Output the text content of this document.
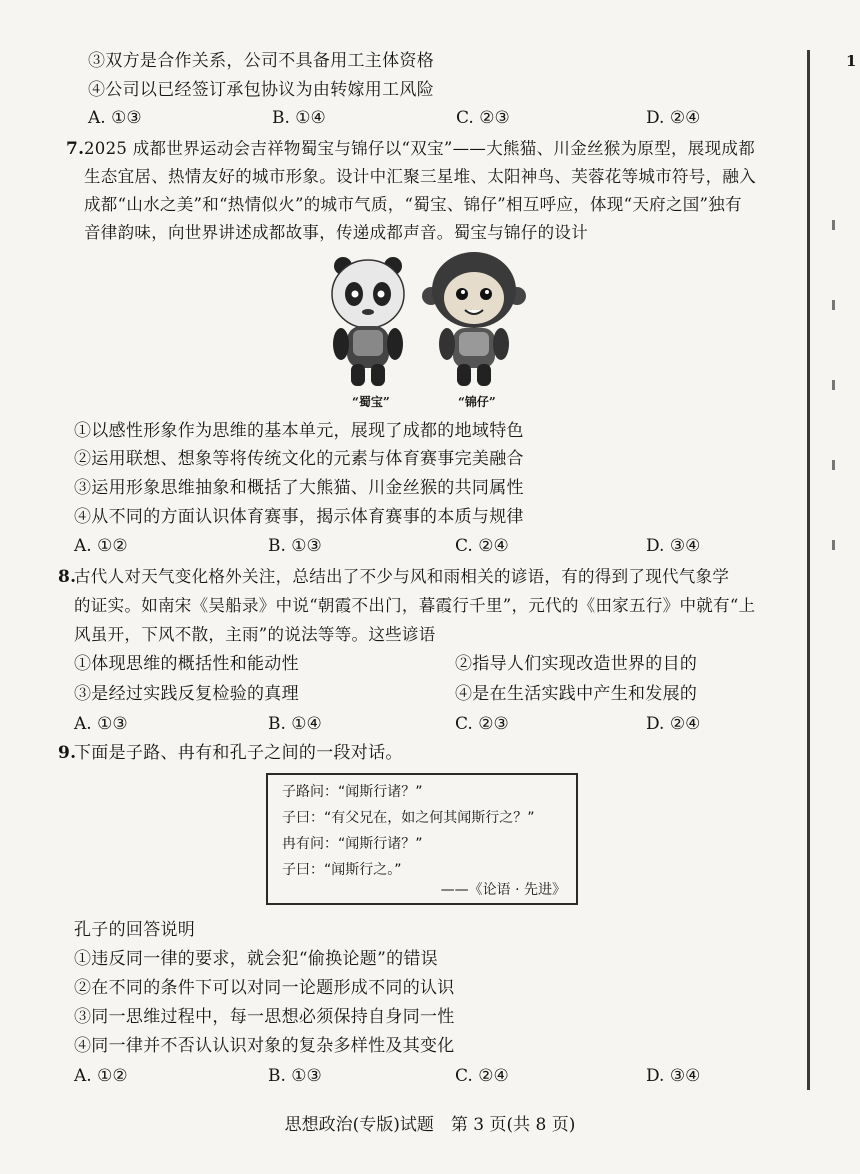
1
③双方是合作关系，公司不具备用工主体资格
④公司以已经签订承包协议为由转嫁用工风险
A. ①③	B. ①④	C. ②③	D. ②④
7. 2025 成都世界运动会吉祥物蜀宝与锦仔以“双宝”——大熊猫、川金丝猴为原型，展现成都
生态宜居、热情友好的城市形象。设计中汇聚三星堆、太阳神鸟、芙蓉花等城市符号，融入
成都“山水之美”和“热情似火”的城市气质，“蜀宝、锦仔”相互呼应，体现“天府之国”独有
音律韵味，向世界讲述成都故事，传递成都声音。蜀宝与锦仔的设计
“蜀宝”	“锦仔”
①以感性形象作为思维的基本单元，展现了成都的地域特色
②运用联想、想象等将传统文化的元素与体育赛事完美融合
③运用形象思维抽象和概括了大熊猫、川金丝猴的共同属性
④从不同的方面认识体育赛事，揭示体育赛事的本质与规律
A. ①②	B. ①③	C. ②④	D. ③④
8.
古代人对天气变化格外关注，总结出了不少与风和雨相关的谚语，有的得到了现代气象学
的证实。如南宋《吴船录》中说“朝霞不出门，暮霞行千里”，元代的《田家五行》中就有“上
风虽开，下风不散，主雨”的说法等等。这些谚语
①体现思维的概括性和能动性	②指导人们实现改造世界的目的
③是经过实践反复检验的真理	④是在生活实践中产生和发展的
A. ①③	B. ①④	C. ②③	D. ②④
9.
下面是子路、冉有和孔子之间的一段对话。
子路问：“闻斯行诸？”
子曰：“有父兄在，如之何其闻斯行之？”
冉有问：“闻斯行诸？”
子曰：“闻斯行之。”
——《论语 · 先进》
孔子的回答说明
①违反同一律的要求，就会犯“偷换论题”的错误
②在不同的条件下可以对同一论题形成不同的认识
③同一思维过程中，每一思想必须保持自身同一性
④同一律并不否认认识对象的复杂多样性及其变化
A. ①②	B. ①③	C. ②④	D. ③④
思想政治(专版)试题　第 3 页(共 8 页)
